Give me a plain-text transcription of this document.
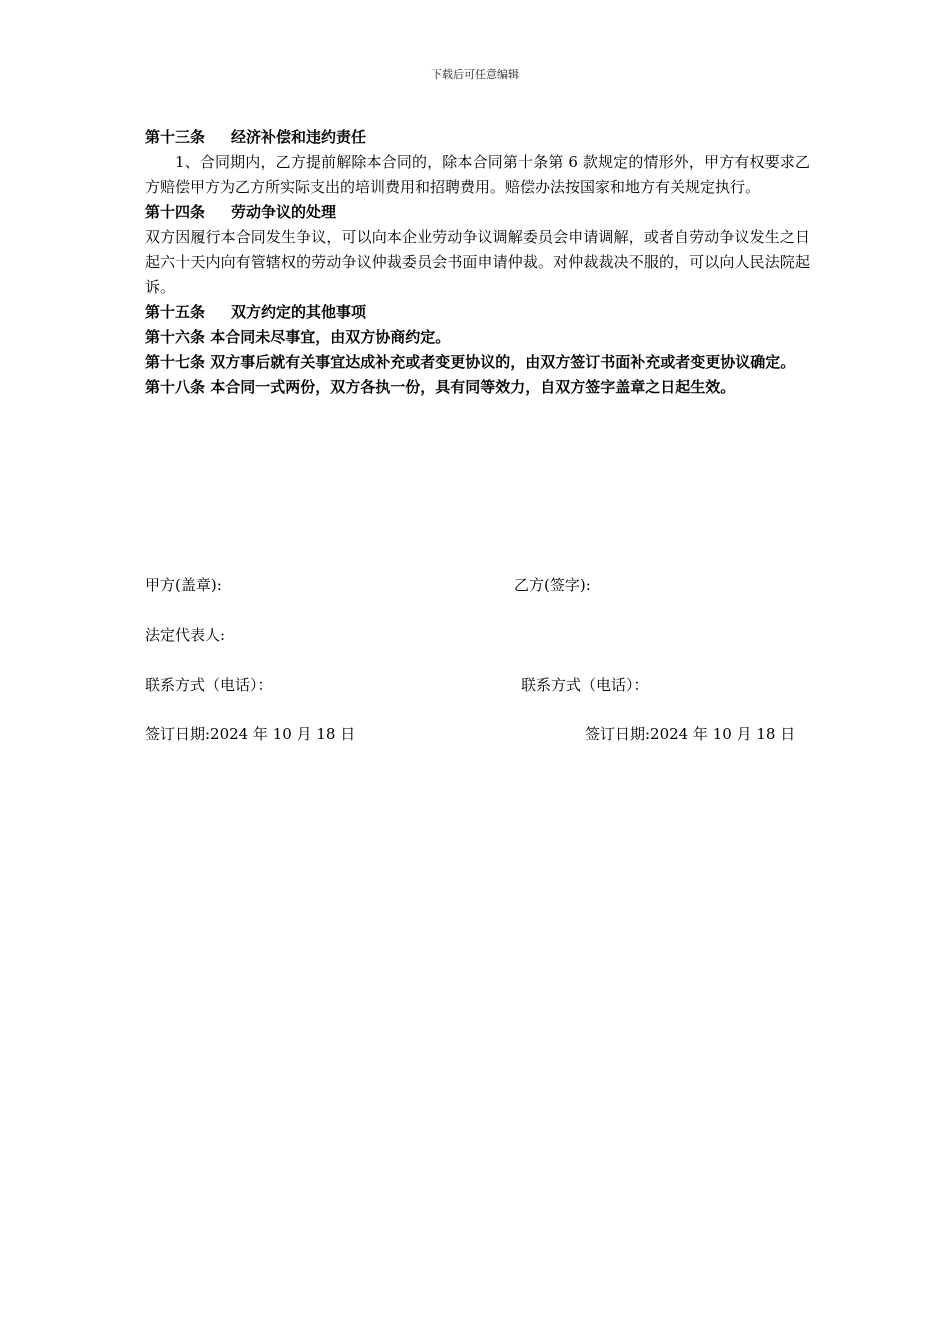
下载后可任意编辑
第十三条 经济补偿和违约责任
1、合同期内，乙方提前解除本合同的，除本合同第十条第 6 款规定的情形外，甲方有权要求乙方赔偿甲方为乙方所实际支出的培训费用和招聘费用。赔偿办法按国家和地方有关规定执行。
第十四条 劳动争议的处理
双方因履行本合同发生争议，可以向本企业劳动争议调解委员会申请调解，或者自劳动争议发生之日起六十天内向有管辖权的劳动争议仲裁委员会书面申请仲裁。对仲裁裁决不服的，可以向人民法院起诉。
第十五条 双方约定的其他事项
第十六条 本合同未尽事宜，由双方协商约定。
第十七条 双方事后就有关事宜达成补充或者变更协议的，由双方签订书面补充或者变更协议确定。
第十八条 本合同一式两份，双方各执一份，具有同等效力，自双方签字盖章之日起生效。
甲方(盖章):	乙方(签字):
法定代表人:
联系方式（电话）：	联系方式（电话）：
签订日期:2024 年 10 月 18 日	签订日期:2024 年 10 月 18 日
